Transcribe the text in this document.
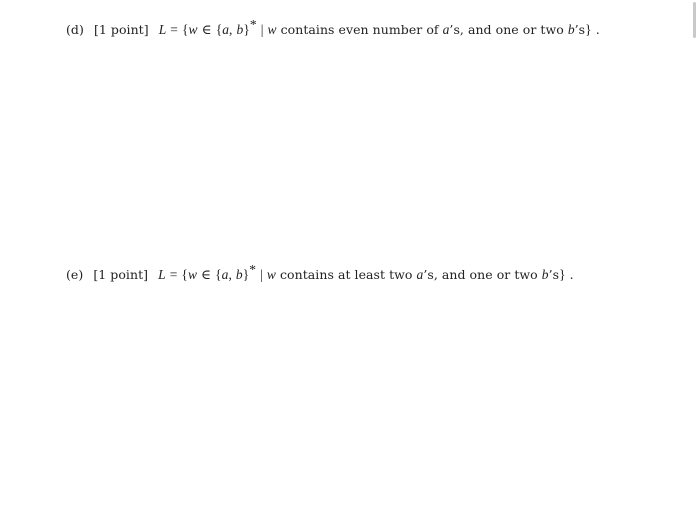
(d) [1 point] L = {w ∈ {a, b}* | w contains even number of a’s, and one or two b’s} .
(e) [1 point] L = {w ∈ {a, b}* | w contains at least two a’s, and one or two b’s} .
